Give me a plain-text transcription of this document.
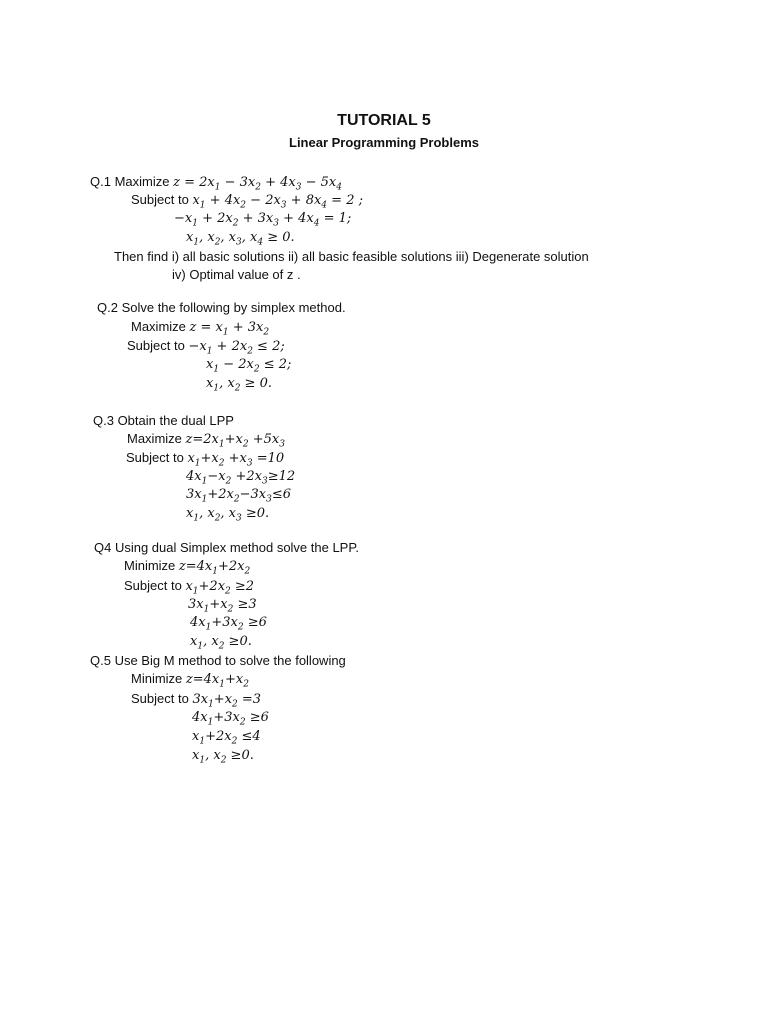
TUTORIAL 5
Linear Programming Problems
Q.1 Maximize $z = 2x_1 - 3x_2 + 4x_3 - 5x_4$
Subject to $x_1 + 4x_2 - 2x_3 + 8x_4 = 2$ ;
$-x_1 + 2x_2 + 3x_3 + 4x_4 = 1$;
$x_1$, $x_2$, $x_3$, $x_4 \ge 0$.
Then find i) all basic solutions ii) all basic feasible solutions iii) Degenerate solution
iv) Optimal value of z .
Q.2 Solve the following by simplex method.
Maximize $z = x_1 + 3x_2$
Subject to $-x_1 + 2x_2 \le 2$;
$x_1 - 2x_2 \le 2$;
$x_1$, $x_2 \ge 0$.
Q.3 Obtain the dual LPP
Maximize $z=2x_1+x_2 +5x_3$
Subject to $x_1+x_2 +x_3 =10$
$4x_1-x_2 +2x_3\ge 12$
$3x_1+2x_2-3x_3\le 6$
$x_1$, $x_2$, $x_3 \ge 0$.
Q4 Using dual Simplex method solve the LPP.
Minimize $z=4x_1+2x_2$
Subject to $x_1+2x_2 \ge 2$
$3x_1+x_2 \ge 3$
$4x_1+3x_2 \ge 6$
$x_1$, $x_2 \ge 0$.
Q.5 Use Big M method to solve the following
Minimize $z=4x_1+x_2$
Subject to $3x_1+x_2 =3$
$4x_1+3x_2 \ge 6$
$x_1+2x_2 \le 4$
$x_1$, $x_2 \ge 0$.
